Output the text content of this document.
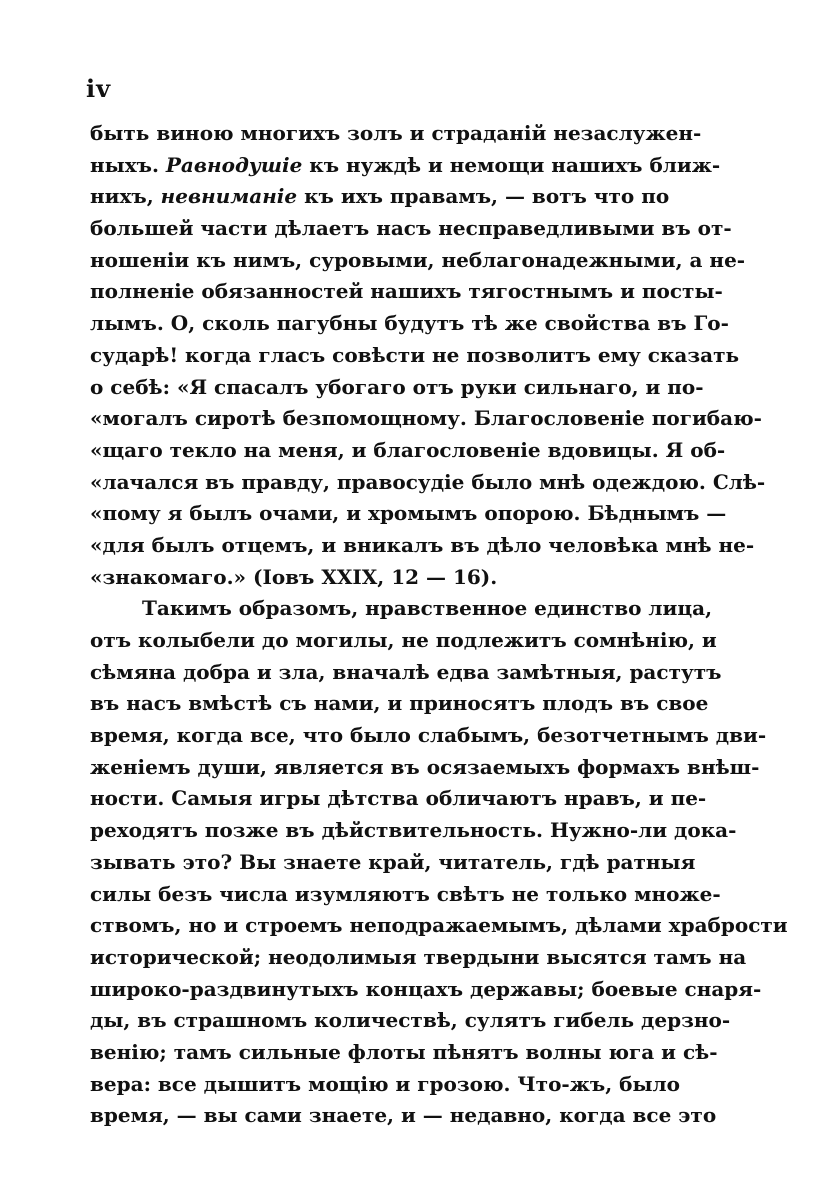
iv
быть виною многихъ золъ и страданій незаслужен-
ныхъ. Равнодушіе къ нуждѣ и немощи нашихъ ближ-
нихъ, невниманіе къ ихъ правамъ, — вотъ что по
большей части дѣлаетъ насъ несправедливыми въ от-
ношеніи къ нимъ, суровыми, неблагонадежными, а не-
полненіе обязанностей нашихъ тягостнымъ и посты-
лымъ. О, сколь пагубны будутъ тѣ же свойства въ Го-
сударѣ! когда гласъ совѣсти не позволитъ ему сказать
о себѣ: «Я спасалъ убогаго отъ руки сильнаго, и по-
«могалъ сиротѣ безпомощному. Благословеніе погибаю-
«щаго текло на меня, и благословеніе вдовицы. Я об-
«лачался въ правду, правосудіе было мнѣ одеждою. Слѣ-
«пому я былъ очами, и хромымъ опорою. Бѣднымъ —
«для былъ отцемъ, и вникалъ въ дѣло человѣка мнѣ не-
«знакомаго.» (Іовъ XXIX, 12 — 16).
Такимъ образомъ, нравственное единство лица,
отъ колыбели до могилы, не подлежитъ сомнѣнію, и
сѣмяна добра и зла, вначалѣ едва замѣтныя, растутъ
въ насъ вмѣстѣ съ нами, и приносятъ плодъ въ свое
время, когда все, что было слабымъ, безотчетнымъ дви-
женіемъ души, является въ осязаемыхъ формахъ внѣш-
ности. Самыя игры дѣтства обличаютъ нравъ, и пе-
реходятъ позже въ дѣйствительность. Нужно-ли дока-
зывать это? Вы знаете край, читатель, гдѣ ратныя
силы безъ числа изумляютъ свѣтъ не только множе-
ствомъ, но и строемъ неподражаемымъ, дѣлами храбрости
исторической; неодолимыя твердыни высятся тамъ на
широко-раздвинутыхъ концахъ державы; боевые снаря-
ды, въ страшномъ количествѣ, сулятъ гибель дерзно-
венію; тамъ сильные флоты пѣнятъ волны юга и сѣ-
вера: все дышитъ мощію и грозою. Что-жъ, было
время, — вы сами знаете, и — недавно, когда все это
